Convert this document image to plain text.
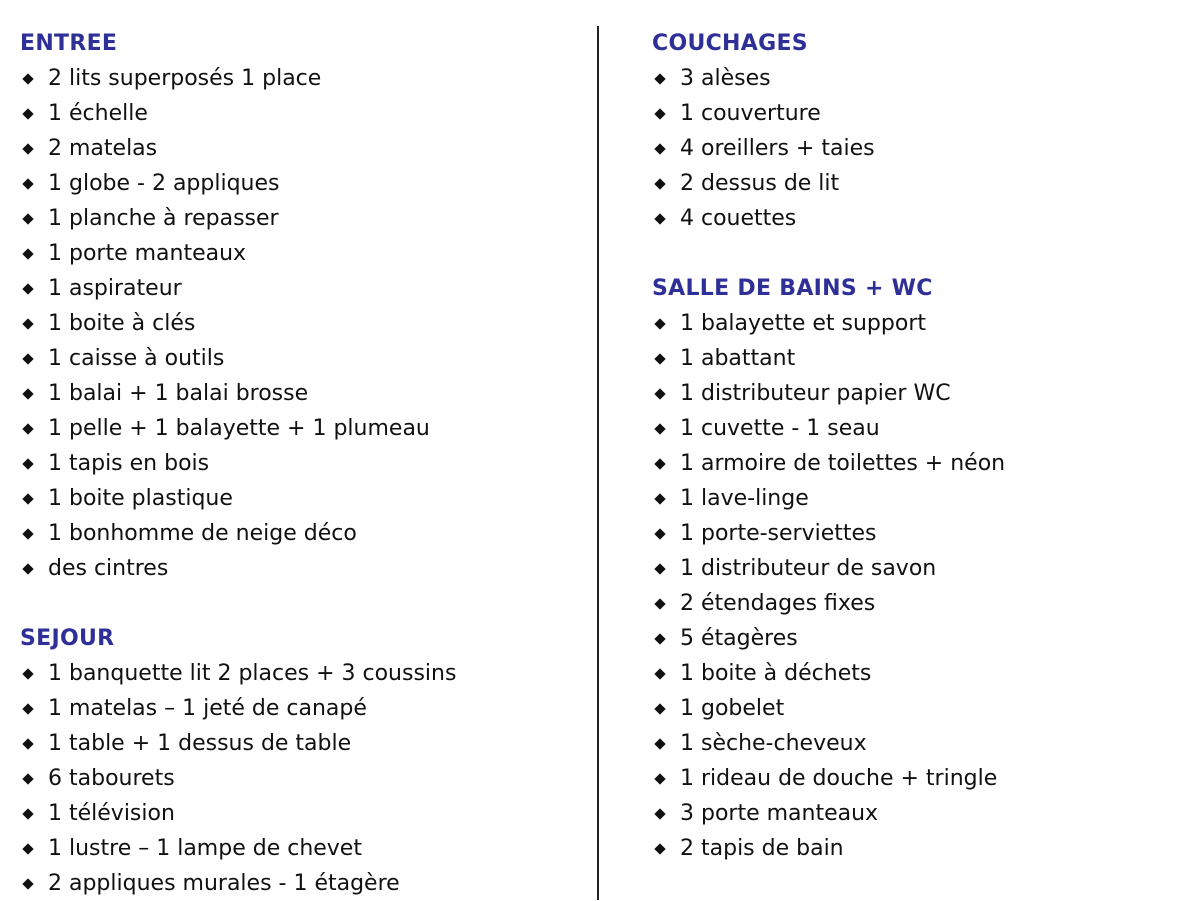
ENTREE
2 lits superposés 1 place
1 échelle
2 matelas
1 globe - 2 appliques
1 planche à repasser
1 porte manteaux
1 aspirateur
1 boite à clés
1 caisse à outils
1 balai + 1 balai brosse
1 pelle + 1 balayette + 1 plumeau
1 tapis en bois
1 boite plastique
1 bonhomme de neige déco
des cintres
SEJOUR
1 banquette lit 2 places + 3 coussins
1 matelas – 1 jeté de canapé
1 table + 1 dessus de table
6 tabourets
1 télévision
1 lustre – 1 lampe de chevet
2 appliques murales - 1 étagère
COUCHAGES
3 alèses
1 couverture
4 oreillers + taies
2 dessus de lit
4 couettes
SALLE DE BAINS + WC
1 balayette et support
1 abattant
1 distributeur papier WC
1 cuvette - 1 seau
1 armoire de toilettes + néon
1 lave-linge
1 porte-serviettes
1 distributeur de savon
2 étendages fixes
5 étagères
1 boite à déchets
1 gobelet
1 sèche-cheveux
1 rideau de douche + tringle
3 porte manteaux
2 tapis de bain
